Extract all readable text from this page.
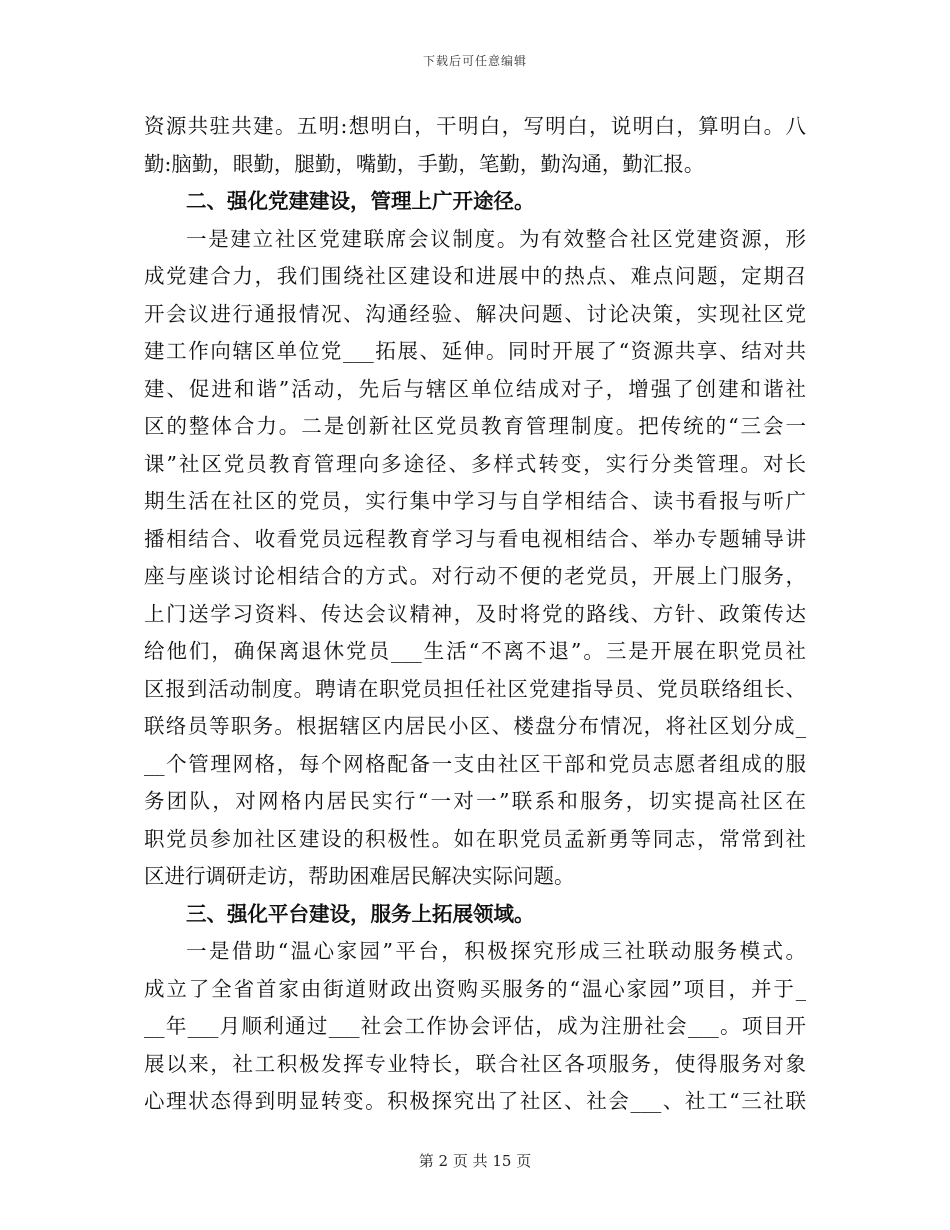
下载后可任意编辑
资源共驻共建。五明:想明白，干明白，写明白，说明白，算明白。八
勤:脑勤，眼勤，腿勤，嘴勤，手勤，笔勤，勤沟通，勤汇报。
二、强化党建建设，管理上广开途径。
一是建立社区党建联席会议制度。为有效整合社区党建资源，形
成党建合力，我们围绕社区建设和进展中的热点、难点问题，定期召
开会议进行通报情况、沟通经验、解决问题、讨论决策，实现社区党
建工作向辖区单位党___拓展、延伸。同时开展了“资源共享、结对共
建、促进和谐”活动，先后与辖区单位结成对子，增强了创建和谐社
区的整体合力。二是创新社区党员教育管理制度。把传统的“三会一
课”社区党员教育管理向多途径、多样式转变，实行分类管理。对长
期生活在社区的党员，实行集中学习与自学相结合、读书看报与听广
播相结合、收看党员远程教育学习与看电视相结合、举办专题辅导讲
座与座谈讨论相结合的方式。对行动不便的老党员，开展上门服务，
上门送学习资料、传达会议精神，及时将党的路线、方针、政策传达
给他们，确保离退休党员___生活“不离不退”。三是开展在职党员社
区报到活动制度。聘请在职党员担任社区党建指导员、党员联络组长、
联络员等职务。根据辖区内居民小区、楼盘分布情况，将社区划分成_
__个管理网格，每个网格配备一支由社区干部和党员志愿者组成的服
务团队，对网格内居民实行“一对一”联系和服务，切实提高社区在
职党员参加社区建设的积极性。如在职党员孟新勇等同志，常常到社
区进行调研走访，帮助困难居民解决实际问题。
三、强化平台建设，服务上拓展领域。
一是借助“温心家园”平台，积极探究形成三社联动服务模式。
成立了全省首家由街道财政出资购买服务的“温心家园”项目，并于_
__年___月顺利通过___社会工作协会评估，成为注册社会___。项目开
展以来，社工积极发挥专业特长，联合社区各项服务，使得服务对象
心理状态得到明显转变。积极探究出了社区、社会___、社工“三社联
第 2 页 共 15 页
